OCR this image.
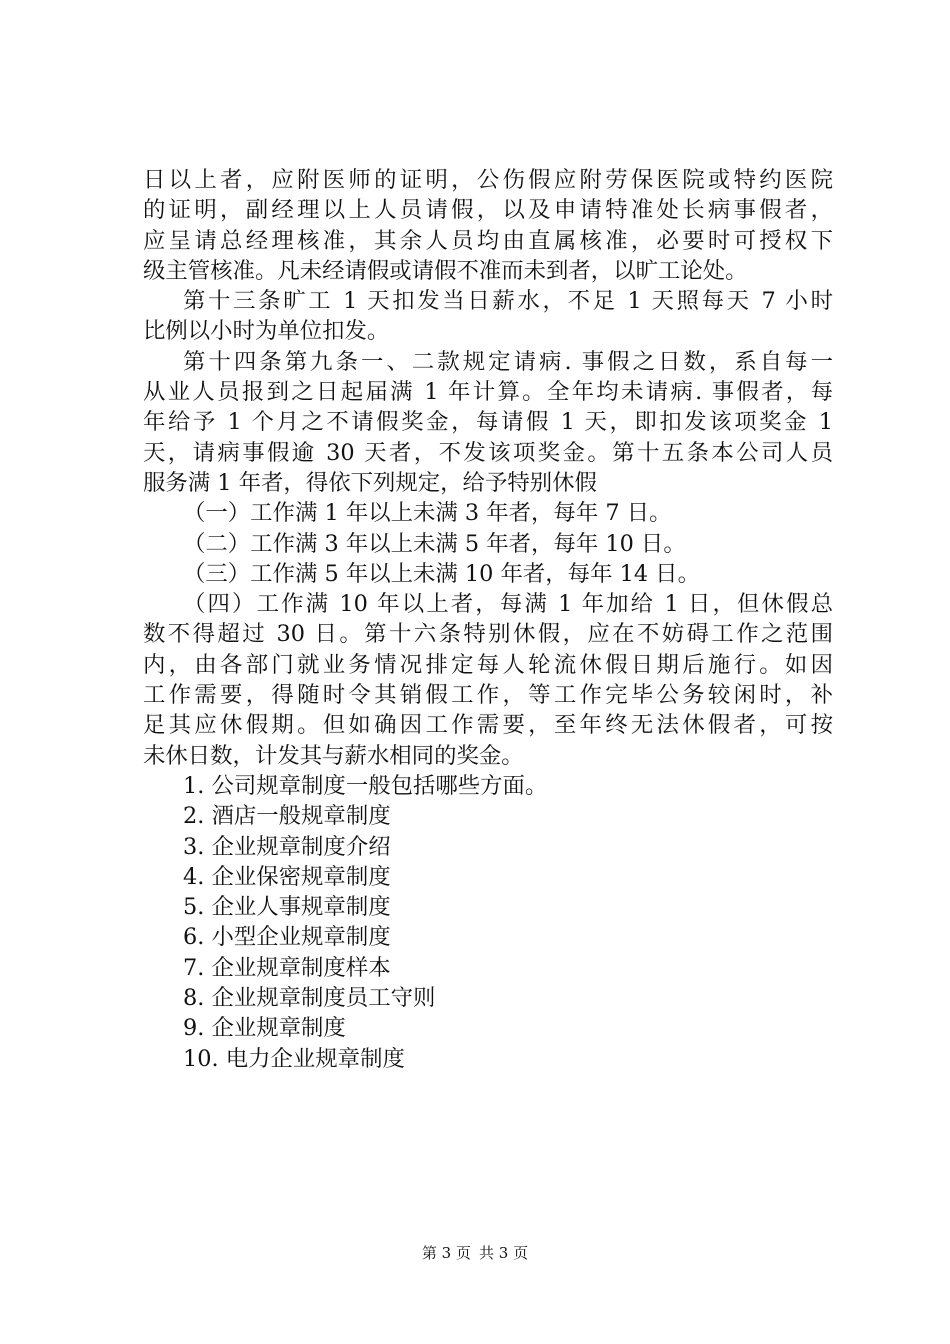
日以上者，应附医师的证明，公伤假应附劳保医院或特约医院
的证明，副经理以上人员请假，以及申请特准处长病事假者，
应呈请总经理核准，其余人员均由直属核准，必要时可授权下
级主管核准。凡未经请假或请假不准而未到者，以旷工论处。
第十三条旷工 1 天扣发当日薪水，不足 1 天照每天 7 小时
比例以小时为单位扣发。
第十四条第九条一、二款规定请病. 事假之日数，系自每一
从业人员报到之日起届满 1 年计算。全年均未请病. 事假者，每
年给予 1 个月之不请假奖金，每请假 1 天，即扣发该项奖金 1
天，请病事假逾 30 天者，不发该项奖金。第十五条本公司人员
服务满 1 年者，得依下列规定，给予特别休假
（一）工作满 1 年以上未满 3 年者，每年 7 日。
（二）工作满 3 年以上未满 5 年者，每年 10 日。
（三）工作满 5 年以上未满 10 年者，每年 14 日。
（四）工作满 10 年以上者，每满 1 年加给 1 日，但休假总
数不得超过 30 日。第十六条特别休假，应在不妨碍工作之范围
内，由各部门就业务情况排定每人轮流休假日期后施行。如因
工作需要，得随时令其销假工作，等工作完毕公务较闲时，补
足其应休假期。但如确因工作需要，至年终无法休假者，可按
未休日数，计发其与薪水相同的奖金。
1. 公司规章制度一般包括哪些方面。
2. 酒店一般规章制度
3. 企业规章制度介绍
4. 企业保密规章制度
5. 企业人事规章制度
6. 小型企业规章制度
7. 企业规章制度样本
8. 企业规章制度员工守则
9. 企业规章制度
10. 电力企业规章制度
第 3 页 共 3 页
